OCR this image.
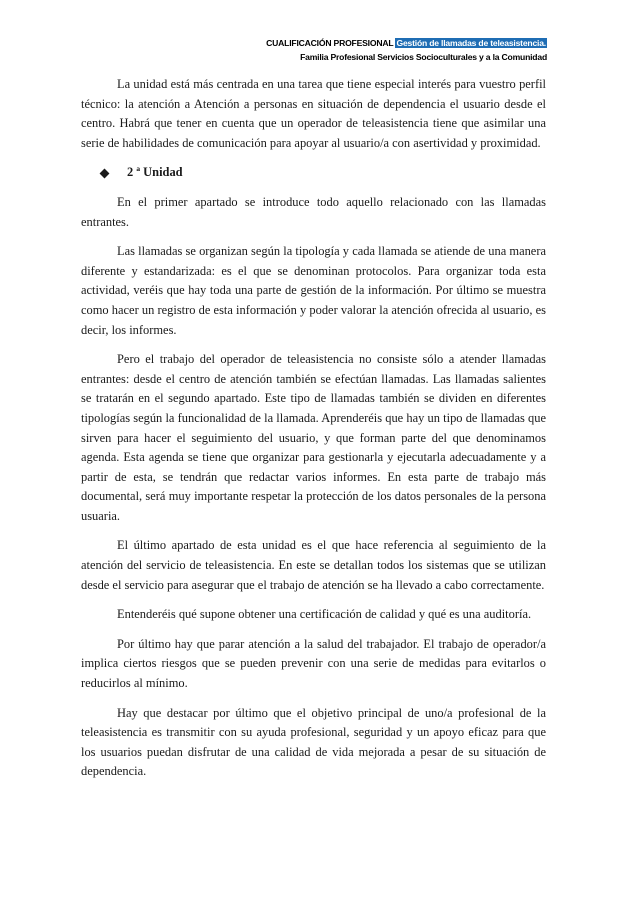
CUALIFICACIÓN PROFESIONAL Gestión de llamadas de teleasistencia.
Familia Profesional Servicios Socioculturales y a la Comunidad

La unidad está más centrada en una tarea que tiene especial interés para vuestro perfil técnico: la atención a Atención a personas en situación de dependencia el usuario desde el centro. Habrá que tener en cuenta que un operador de teleasistencia tiene que asimilar una serie de habilidades de comunicación para apoyar al usuario/a con asertividad y proximidad.

2 ª Unidad

En el primer apartado se introduce todo aquello relacionado con las llamadas entrantes.

Las llamadas se organizan según la tipología y cada llamada se atiende de una manera diferente y estandarizada: es el que se denominan protocolos. Para organizar toda esta actividad, veréis que hay toda una parte de gestión de la información. Por último se muestra como hacer un registro de esta información y poder valorar la atención ofrecida al usuario, es decir, los informes.

Pero el trabajo del operador de teleasistencia no consiste sólo a atender llamadas entrantes: desde el centro de atención también se efectúan llamadas. Las llamadas salientes se tratarán en el segundo apartado. Este tipo de llamadas también se dividen en diferentes tipologías según la funcionalidad de la llamada. Aprenderéis que hay un tipo de llamadas que sirven para hacer el seguimiento del usuario, y que forman parte del que denominamos agenda. Esta agenda se tiene que organizar para gestionarla y ejecutarla adecuadamente y a partir de esta, se tendrán que redactar varios informes. En esta parte de trabajo más documental, será muy importante respetar la protección de los datos personales de la persona usuaria.

El último apartado de esta unidad es el que hace referencia al seguimiento de la atención del servicio de teleasistencia. En este se detallan todos los sistemas que se utilizan desde el servicio para asegurar que el trabajo de atención se ha llevado a cabo correctamente.

Entenderéis qué supone obtener una certificación de calidad y qué es una auditoría.

Por último hay que parar atención a la salud del trabajador. El trabajo de operador/a implica ciertos riesgos que se pueden prevenir con una serie de medidas para evitarlos o reducirlos al mínimo.

Hay que destacar por último que el objetivo principal de uno/a profesional de la teleasistencia es transmitir con su ayuda profesional, seguridad y un apoyo eficaz para que los usuarios puedan disfrutar de una calidad de vida mejorada a pesar de su situación de dependencia.
